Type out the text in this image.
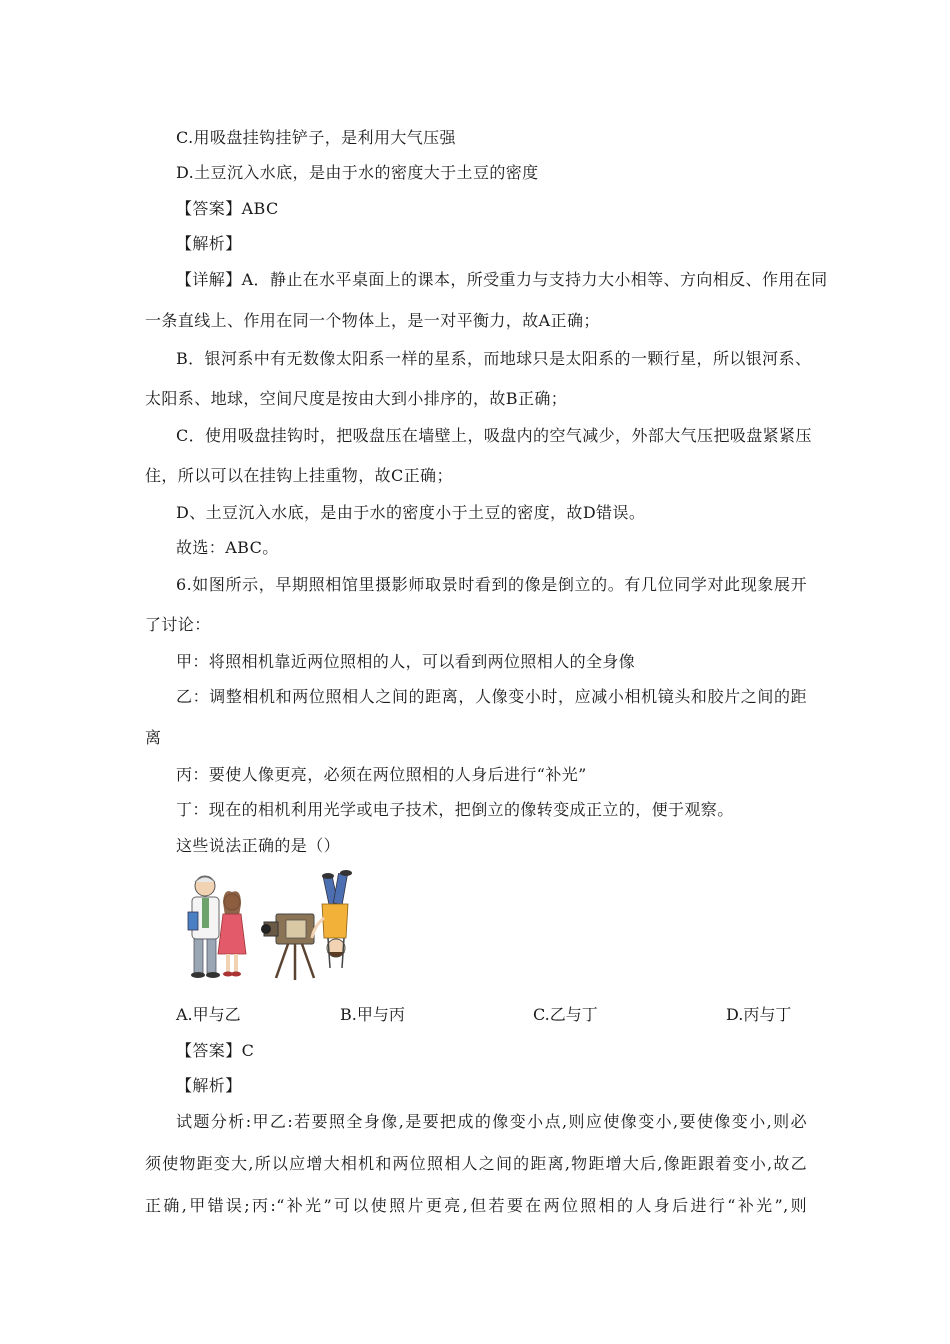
C.用吸盘挂钩挂铲子，是利用大气压强
D.土豆沉入水底，是由于水的密度大于土豆的密度
【答案】ABC
【解析】
【详解】A．静止在水平桌面上的课本，所受重力与支持力大小相等、方向相反、作用在同
一条直线上、作用在同一个物体上，是一对平衡力，故A正确；
B．银河系中有无数像太阳系一样的星系，而地球只是太阳系的一颗行星，所以银河系、
太阳系、地球，空间尺度是按由大到小排序的，故B正确；
C．使用吸盘挂钩时，把吸盘压在墙壁上，吸盘内的空气减少，外部大气压把吸盘紧紧压
住，所以可以在挂钩上挂重物，故C正确；
D、土豆沉入水底，是由于水的密度小于土豆的密度，故D错误。
故选：ABC。
6.如图所示，早期照相馆里摄影师取景时看到的像是倒立的。有几位同学对此现象展开
了讨论：
甲：将照相机靠近两位照相的人，可以看到两位照相人的全身像
乙：调整相机和两位照相人之间的距离，人像变小时，应减小相机镜头和胶片之间的距
离
丙：要使人像更亮，必须在两位照相的人身后进行“补光”
丁：现在的相机利用光学或电子技术，把倒立的像转变成正立的，便于观察。
这些说法正确的是（）
A.甲与乙	B.甲与丙	C.乙与丁	D.丙与丁
【答案】C
【解析】
试题分析:甲乙:若要照全身像,是要把成的像变小点,则应使像变小,要使像变小,则必
须使物距变大,所以应增大相机和两位照相人之间的距离,物距增大后,像距跟着变小,故乙
正确,甲错误;丙:“补光”可以使照片更亮,但若要在两位照相的人身后进行“补光”,则
